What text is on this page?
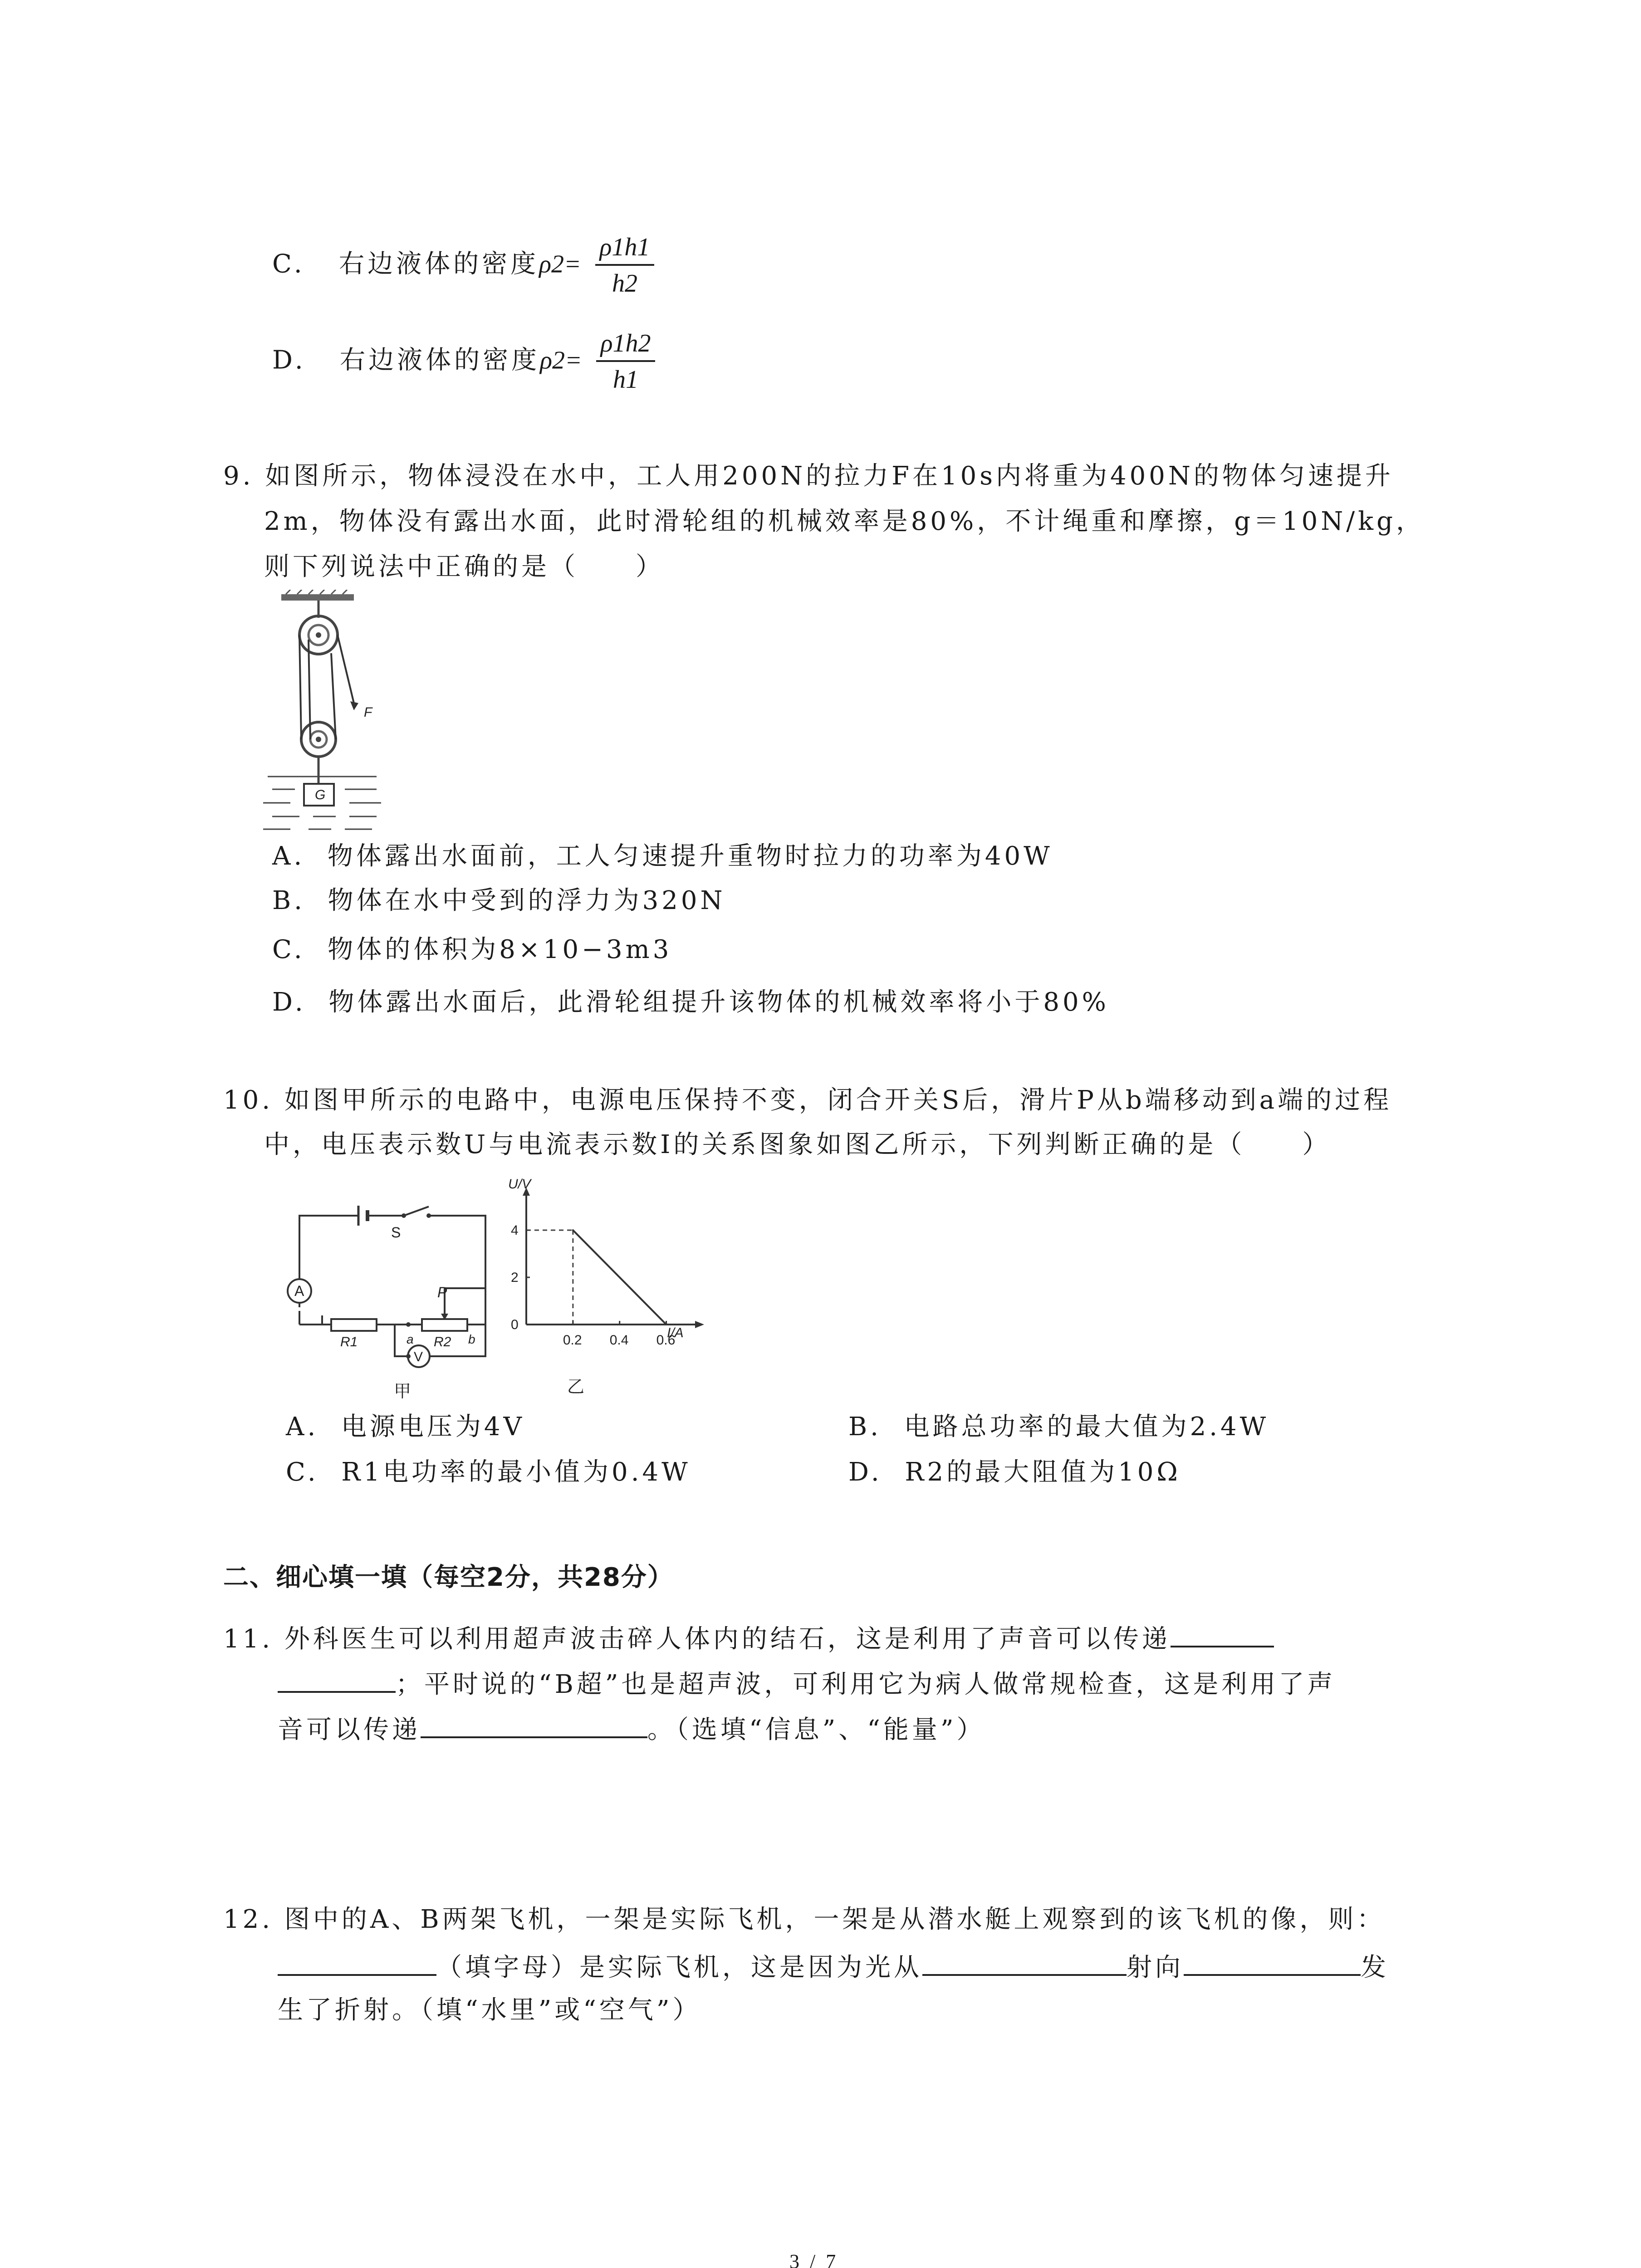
C. 右边液体的密度$\rho 2= \frac{\rho 1h1}{h2}$
D. 右边液体的密度$\rho 2= \frac{\rho 1h2}{h1}$
9. 如图所示，物体浸没在水中，工人用200N的拉力F在10s内将重为400N的物体匀速提升
2m，物体没有露出水面，此时滑轮组的机械效率是80%，不计绳重和摩擦，g＝10N/kg，
则下列说法中正确的是（　　）
F
G
A. 物体露出水面前，工人匀速提升重物时拉力的功率为40W
B. 物体在水中受到的浮力为320N
C. 物体的体积为8×10−3m3
D. 物体露出水面后，此滑轮组提升该物体的机械效率将小于80%
10. 如图甲所示的电路中，电源电压保持不变，闭合开关S后，滑片P从b端移动到a端的过程
中，电压表示数U与电流表示数I的关系图象如图乙所示，下列判断正确的是（　　）
A
V
S
R1	R2
P
a	b
甲
0
2
4
0.2 0.4 0.6
U/V
I/A
乙
A. 电源电压为4V	B. 电路总功率的最大值为2.4W
C. R1电功率的最小值为0.4W	D. R2的最大阻值为10Ω
二、细心填一填（每空2分，共28分）
11. 外科医生可以利用超声波击碎人体内的结石，这是利用了声音可以传递
；平时说的“B超”也是超声波，可利用它为病人做常规检查，这是利用了声
音可以传递	。（选填“信息”、“能量”）
12. 图中的A、B两架飞机，一架是实际飞机，一架是从潜水艇上观察到的该飞机的像，则：
（填字母）是实际飞机，这是因为光从	射向	发
生了折射。（填“水里”或“空气”）
3 / 7
